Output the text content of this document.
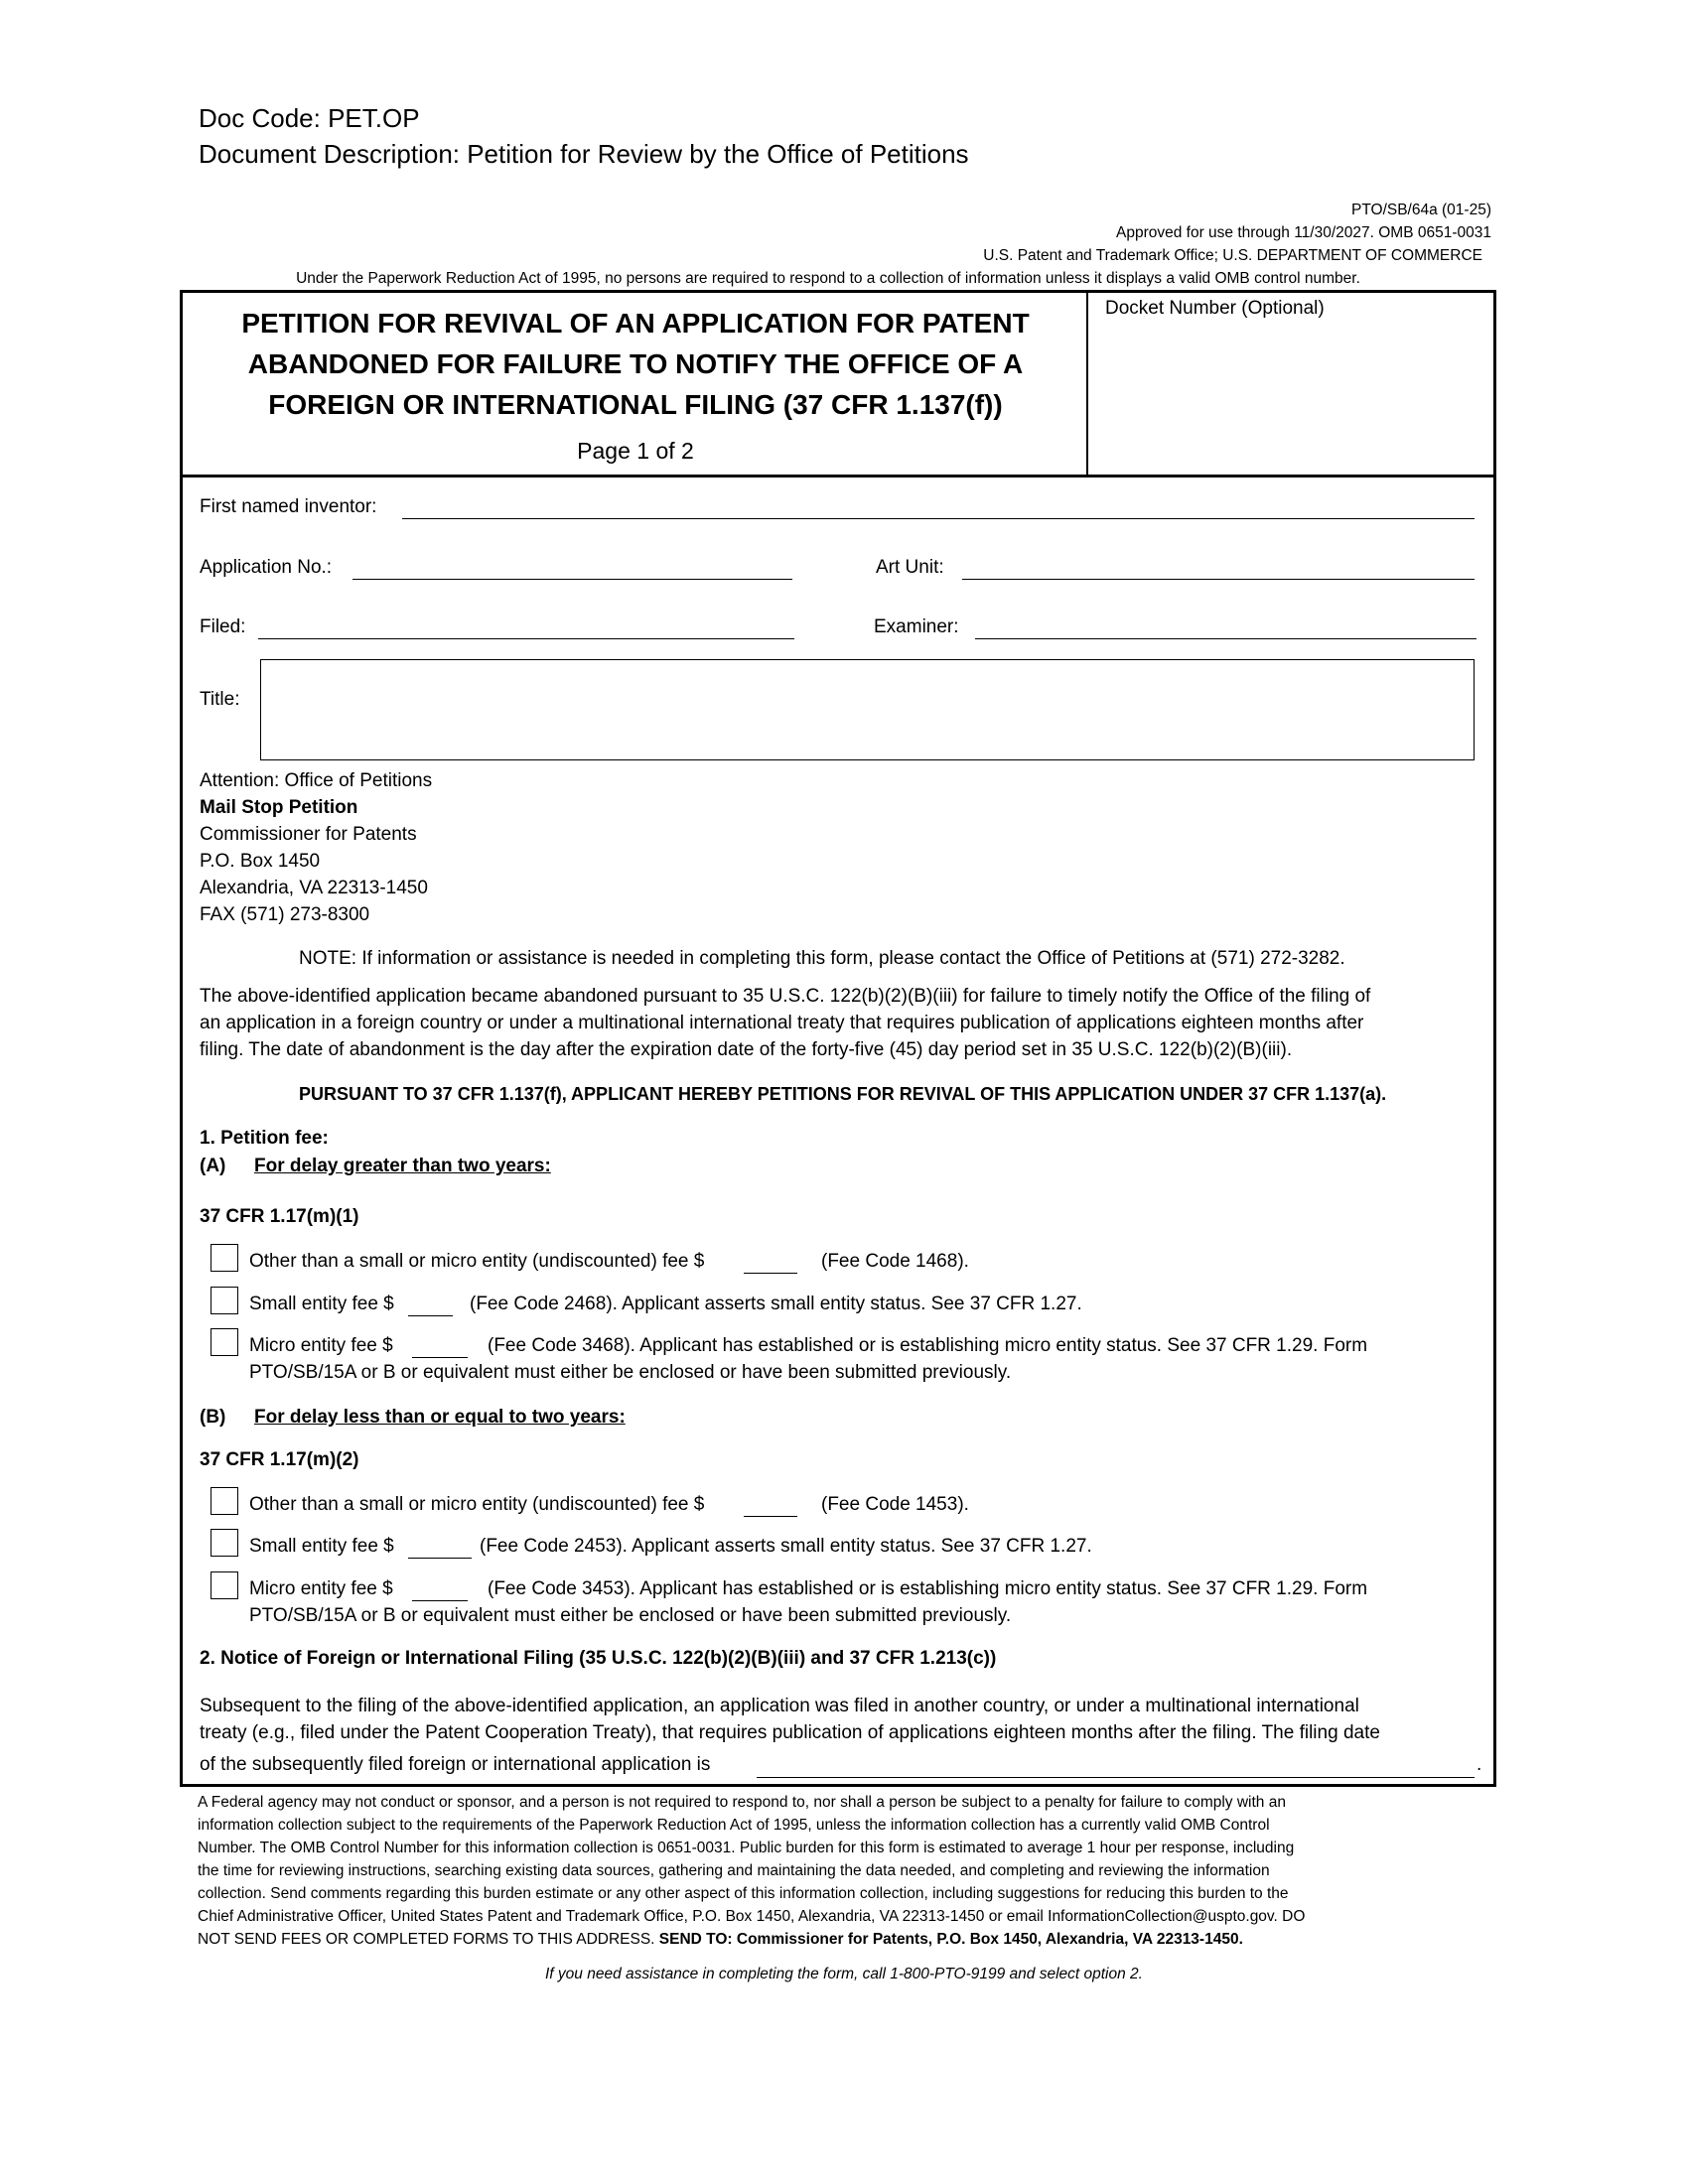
Doc Code: PET.OP
Document Description: Petition for Review by the Office of Petitions
PTO/SB/64a (01-25)
Approved for use through 11/30/2027. OMB 0651-0031
U.S. Patent and Trademark Office; U.S. DEPARTMENT OF COMMERCE
Under the Paperwork Reduction Act of 1995, no persons are required to respond to a collection of information unless it displays a valid OMB control number.
PETITION FOR REVIVAL OF AN APPLICATION FOR PATENT
ABANDONED FOR FAILURE TO NOTIFY THE OFFICE OF A
FOREIGN OR INTERNATIONAL FILING (37 CFR 1.137(f))
Page 1 of 2
Docket Number (Optional)
First named inventor:
Application No.:	Art Unit:
Filed:	Examiner:
Title:
Attention: Office of Petitions
Mail Stop Petition
Commissioner for Patents
P.O. Box 1450
Alexandria, VA 22313-1450
FAX (571) 273-8300
NOTE: If information or assistance is needed in completing this form, please contact the Office of Petitions at (571) 272-3282.
The above-identified application became abandoned pursuant to 35 U.S.C. 122(b)(2)(B)(iii) for failure to timely notify the Office of the filing of
an application in a foreign country or under a multinational international treaty that requires publication of applications eighteen months after
filing. The date of abandonment is the day after the expiration date of the forty-five (45) day period set in 35 U.S.C. 122(b)(2)(B)(iii).
PURSUANT TO 37 CFR 1.137(f), APPLICANT HEREBY PETITIONS FOR REVIVAL OF THIS APPLICATION UNDER 37 CFR 1.137(a).
1. Petition fee:
(A) For delay greater than two years:
37 CFR 1.17(m)(1)
Other than a small or micro entity (undiscounted) fee $	(Fee Code 1468).
Small entity fee $	(Fee Code 2468). Applicant asserts small entity status. See 37 CFR 1.27.
Micro entity fee $	(Fee Code 3468). Applicant has established or is establishing micro entity status. See 37 CFR 1.29. Form
PTO/SB/15A or B or equivalent must either be enclosed or have been submitted previously.
(B) For delay less than or equal to two years:
37 CFR 1.17(m)(2)
Other than a small or micro entity (undiscounted) fee $	(Fee Code 1453).
Small entity fee $	(Fee Code 2453). Applicant asserts small entity status. See 37 CFR 1.27.
Micro entity fee $	(Fee Code 3453). Applicant has established or is establishing micro entity status. See 37 CFR 1.29. Form
PTO/SB/15A or B or equivalent must either be enclosed or have been submitted previously.
2. Notice of Foreign or International Filing (35 U.S.C. 122(b)(2)(B)(iii) and 37 CFR 1.213(c))
Subsequent to the filing of the above-identified application, an application was filed in another country, or under a multinational international
treaty (e.g., filed under the Patent Cooperation Treaty), that requires publication of applications eighteen months after the filing. The filing date
of the subsequently filed foreign or international application is	.
A Federal agency may not conduct or sponsor, and a person is not required to respond to, nor shall a person be subject to a penalty for failure to comply with an
information collection subject to the requirements of the Paperwork Reduction Act of 1995, unless the information collection has a currently valid OMB Control
Number. The OMB Control Number for this information collection is 0651-0031. Public burden for this form is estimated to average 1 hour per response, including
the time for reviewing instructions, searching existing data sources, gathering and maintaining the data needed, and completing and reviewing the information
collection. Send comments regarding this burden estimate or any other aspect of this information collection, including suggestions for reducing this burden to the
Chief Administrative Officer, United States Patent and Trademark Office, P.O. Box 1450, Alexandria, VA 22313-1450 or email InformationCollection@uspto.gov. DO
NOT SEND FEES OR COMPLETED FORMS TO THIS ADDRESS. SEND TO: Commissioner for Patents, P.O. Box 1450, Alexandria, VA 22313-1450.
If you need assistance in completing the form, call 1-800-PTO-9199 and select option 2.
